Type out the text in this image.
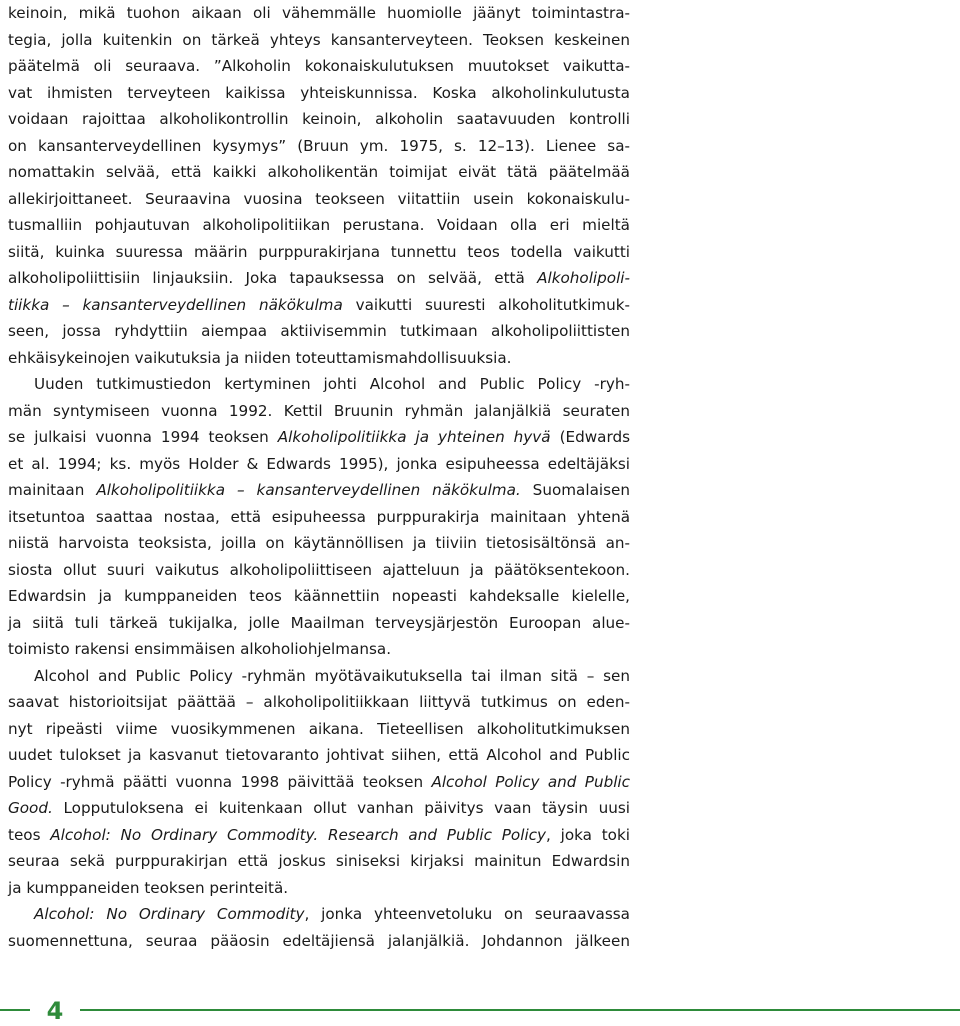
keinoin, mikä tuohon aikaan oli vähemmälle huomiolle jäänyt toimintastra-
tegia, jolla kuitenkin on tärkeä yhteys kansanterveyteen. Teoksen keskeinen
päätelmä oli seuraava. ”Alkoholin kokonaiskulutuksen muutokset vaikutta-
vat ihmisten terveyteen kaikissa yhteiskunnissa. Koska alkoholinkulutusta
voidaan rajoittaa alkoholikontrollin keinoin, alkoholin saatavuuden kontrolli
on kansanterveydellinen kysymys” (Bruun ym. 1975, s. 12–13). Lienee sa-
nomattakin selvää, että kaikki alkoholikentän toimijat eivät tätä päätelmää
allekirjoittaneet. Seuraavina vuosina teokseen viitattiin usein kokonaiskulu-
tusmalliin pohjautuvan alkoholipolitiikan perustana. Voidaan olla eri mieltä
siitä, kuinka suuressa määrin purppurakirjana tunnettu teos todella vaikutti
alkoholipoliittisiin linjauksiin. Joka tapauksessa on selvää, että Alkoholipoli-
tiikka – kansanterveydellinen näkökulma vaikutti suuresti alkoholitutkimuk-
seen, jossa ryhdyttiin aiempaa aktiivisemmin tutkimaan alkoholipoliittisten
ehkäisykeinojen vaikutuksia ja niiden toteuttamismahdollisuuksia.
Uuden tutkimustiedon kertyminen johti Alcohol and Public Policy -ryh-
män syntymiseen vuonna 1992. Kettil Bruunin ryhmän jalanjälkiä seuraten
se julkaisi vuonna 1994 teoksen Alkoholipolitiikka ja yhteinen hyvä (Edwards
et al. 1994; ks. myös Holder & Edwards 1995), jonka esipuheessa edeltäjäksi
mainitaan Alkoholipolitiikka – kansanterveydellinen näkökulma. Suomalaisen
itsetuntoa saattaa nostaa, että esipuheessa purppurakirja mainitaan yhtenä
niistä harvoista teoksista, joilla on käytännöllisen ja tiiviin tietosisältönsä an-
siosta ollut suuri vaikutus alkoholipoliittiseen ajatteluun ja päätöksentekoon.
Edwardsin ja kumppaneiden teos käännettiin nopeasti kahdeksalle kielelle,
ja siitä tuli tärkeä tukijalka, jolle Maailman terveysjärjestön Euroopan alue-
toimisto rakensi ensimmäisen alkoholiohjelmansa.
Alcohol and Public Policy -ryhmän myötävaikutuksella tai ilman sitä – sen
saavat historioitsijat päättää – alkoholipolitiikkaan liittyvä tutkimus on eden-
nyt ripeästi viime vuosikymmenen aikana. Tieteellisen alkoholitutkimuksen
uudet tulokset ja kasvanut tietovaranto johtivat siihen, että Alcohol and Public
Policy -ryhmä päätti vuonna 1998 päivittää teoksen Alcohol Policy and Public
Good. Lopputuloksena ei kuitenkaan ollut vanhan päivitys vaan täysin uusi
teos Alcohol: No Ordinary Commodity. Research and Public Policy, joka toki
seuraa sekä purppurakirjan että joskus siniseksi kirjaksi mainitun Edwardsin
ja kumppaneiden teoksen perinteitä.
Alcohol: No Ordinary Commodity, jonka yhteenvetoluku on seuraavassa
suomennettuna, seuraa pääosin edeltäjiensä jalanjälkiä. Johdannon jälkeen
4
